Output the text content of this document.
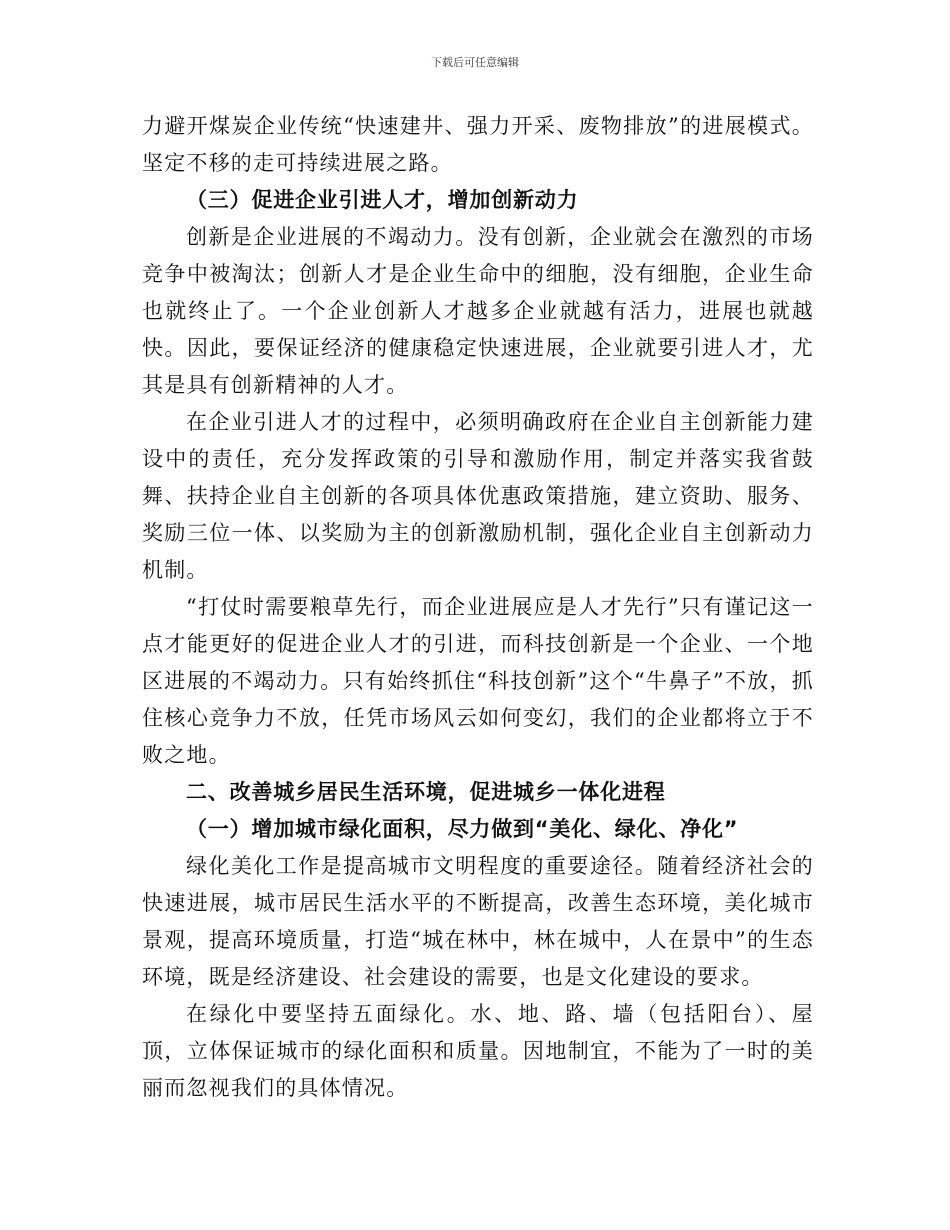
下载后可任意编辑

力避开煤炭企业传统“快速建井、强力开采、废物排放”的进展模式。坚定不移的走可持续进展之路。

（三）促进企业引进人才，增加创新动力

创新是企业进展的不竭动力。没有创新，企业就会在激烈的市场竞争中被淘汰；创新人才是企业生命中的细胞，没有细胞，企业生命也就终止了。一个企业创新人才越多企业就越有活力，进展也就越快。因此，要保证经济的健康稳定快速进展，企业就要引进人才，尤其是具有创新精神的人才。

在企业引进人才的过程中，必须明确政府在企业自主创新能力建设中的责任，充分发挥政策的引导和激励作用，制定并落实我省鼓舞、扶持企业自主创新的各项具体优惠政策措施，建立资助、服务、奖励三位一体、以奖励为主的创新激励机制，强化企业自主创新动力机制。

“打仗时需要粮草先行，而企业进展应是人才先行”只有谨记这一点才能更好的促进企业人才的引进，而科技创新是一个企业、一个地区进展的不竭动力。只有始终抓住“科技创新”这个“牛鼻子”不放，抓住核心竞争力不放，任凭市场风云如何变幻，我们的企业都将立于不败之地。

二、改善城乡居民生活环境，促进城乡一体化进程

（一）增加城市绿化面积，尽力做到“美化、绿化、净化”

绿化美化工作是提高城市文明程度的重要途径。随着经济社会的快速进展，城市居民生活水平的不断提高，改善生态环境，美化城市景观，提高环境质量，打造“城在林中，林在城中，人在景中”的生态环境，既是经济建设、社会建设的需要，也是文化建设的要求。

在绿化中要坚持五面绿化。水、地、路、墙（包括阳台）、屋顶，立体保证城市的绿化面积和质量。因地制宜，不能为了一时的美丽而忽视我们的具体情况。
